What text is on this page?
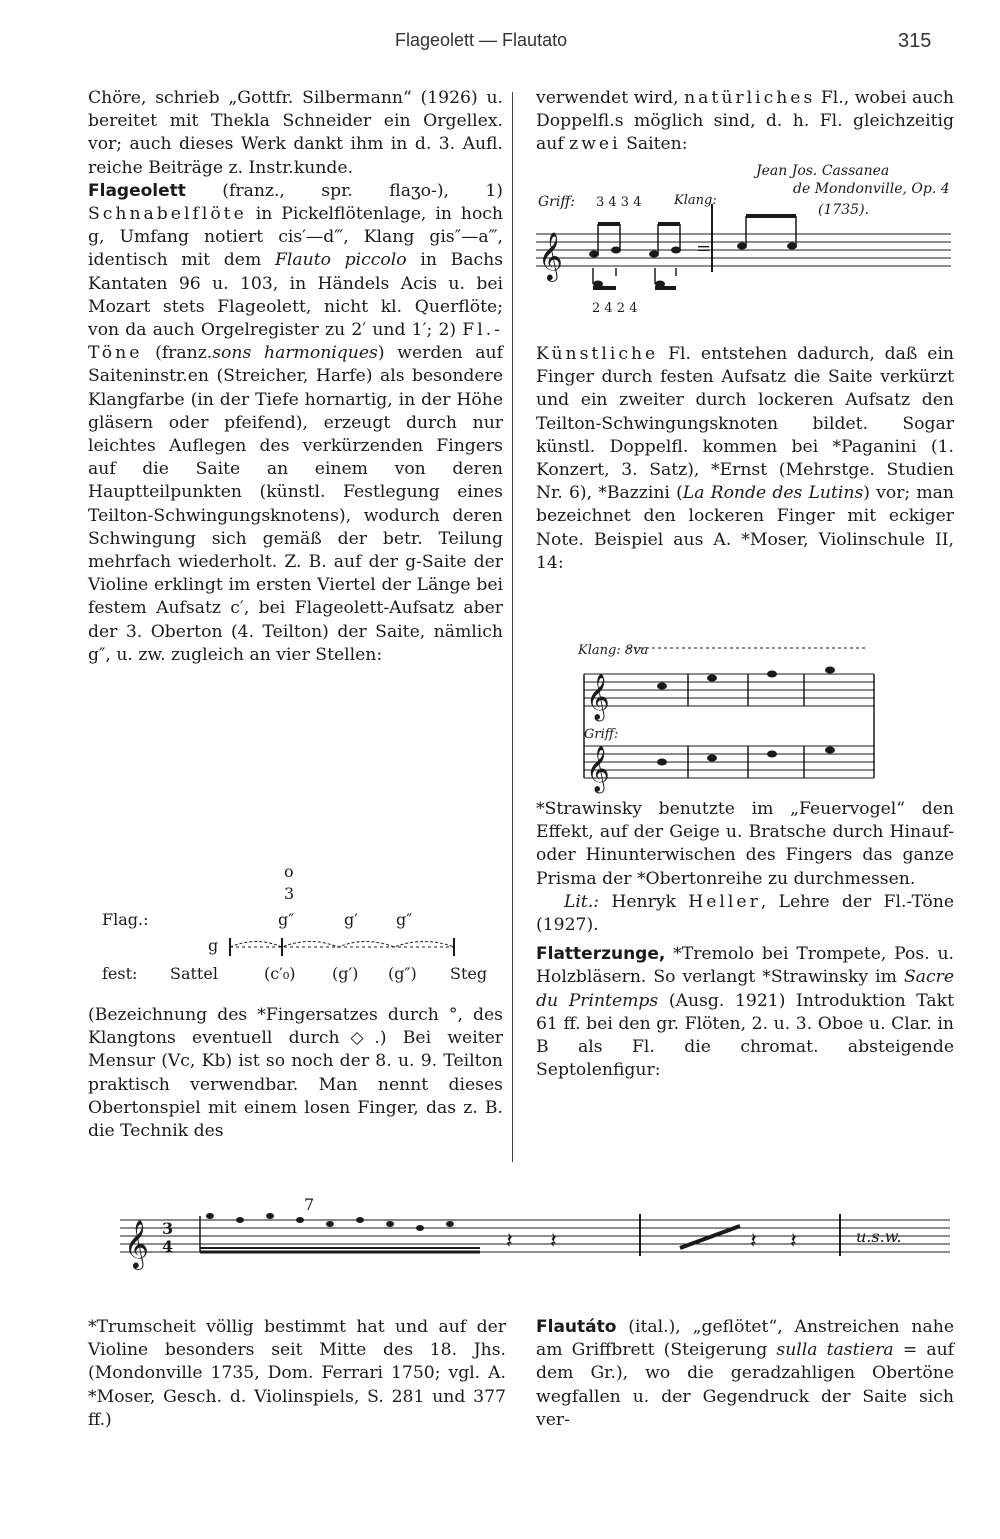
Flageolett — Flautato	315

Chöre, schrieb „Gottfr. Silbermann“ (1926) u. bereitet mit Thekla Schneider ein Orgellex. vor; auch dieses Werk dankt ihm in d. 3. Aufl. reiche Beiträge z. Instr.kunde.

Flageolett (franz., spr. flaʒo-), 1) Schnabelflöte in Pickelflötenlage, in hoch g, Umfang notiert cis′—d‴, Klang gis″—a‴, identisch mit dem Flauto piccolo in Bachs Kantaten 96 u. 103, in Händels Acis u. bei Mozart stets Flageolett, nicht kl. Querflöte; von da auch Orgelregister zu 2′ und 1′; 2) Fl.-Töne (franz.sons harmoniques) werden auf Saiteninstr.en (Streicher, Harfe) als besondere Klangfarbe (in der Tiefe hornartig, in der Höhe gläsern oder pfeifend), erzeugt durch nur leichtes Auflegen des verkürzenden Fingers auf die Saite an einem von deren Hauptteilpunkten (künstl. Festlegung eines Teilton-Schwingungsknotens), wodurch deren Schwingung sich gemäß der betr. Teilung mehrfach wiederholt. Z. B. auf der g-Saite der Violine erklingt im ersten Viertel der Länge bei festem Aufsatz c′, bei Flageolett-Aufsatz aber der 3. Oberton (4. Teilton) der Saite, nämlich g″, u. zw. zugleich an vier Stellen:

o
3
Flag.:	g″	g′ g″
g
fest: Sattel	(c′₀) (g′) (g″) Steg

(Bezeichnung des *Fingersatzes durch °, des Klangtons eventuell durch◇.) Bei weiter Mensur (Vc, Kb) ist so noch der 8. u. 9. Teilton praktisch verwendbar. Man nennt dieses Obertonspiel mit einem losen Finger, das z. B. die Technik des

verwendet wird, natürliches Fl., wobei auch Doppelfl.s möglich sind, d. h. Fl. gleichzeitig auf zwei Saiten:

Jean Jos. Cassanea
de Mondonville, Op. 4
(1735).
Griff: 3 4 3 4	Klang:
𝄞	=
2 4 2 4

Künstliche Fl. entstehen dadurch, daß ein Finger durch festen Aufsatz die Saite verkürzt und ein zweiter durch lockeren Aufsatz den Teilton-Schwingungsknoten bildet. Sogar künstl. Doppelfl. kommen bei *Paganini (1. Konzert, 3. Satz), *Ernst (Mehrstge. Studien Nr. 6), *Bazzini (La Ronde des Lutins) vor; man bezeichnet den lockeren Finger mit eckiger Note. Beispiel aus A. *Moser, Violinschule II, 14:

Klang: 8va
𝄞
𝄞
Griff:

*Strawinsky benutzte im „Feuervogel“ den Effekt, auf der Geige u. Bratsche durch Hinauf- oder Hinunterwischen des Fingers das ganze Prisma der *Obertonreihe zu durchmessen.

Lit.: Henryk Heller, Lehre der Fl.-Töne (1927).

Flatterzunge, *Tremolo bei Trompete, Pos. u. Holzbläsern. So verlangt *Strawinsky im Sacre du Printemps (Ausg. 1921) Introduktion Takt 61 ff. bei den gr. Flöten, 2. u. 3. Oboe u. Clar. in B als Fl. die chromat. absteigende Septolenfigur:

𝄞 3
4
7
𝄽 𝄽	𝄽 𝄽	u.s.w.

*Trumscheit völlig bestimmt hat und auf der Violine besonders seit Mitte des 18. Jhs. (Mondonville 1735, Dom. Ferrari 1750; vgl. A. *Moser, Gesch. d. Violinspiels, S. 281 und 377 ff.)

Flautáto (ital.), „geflötet“, Anstreichen nahe am Griffbrett (Steigerung sulla tastiera = auf dem Gr.), wo die geradzahligen Obertöne wegfallen u. der Gegendruck der Saite sich ver-
